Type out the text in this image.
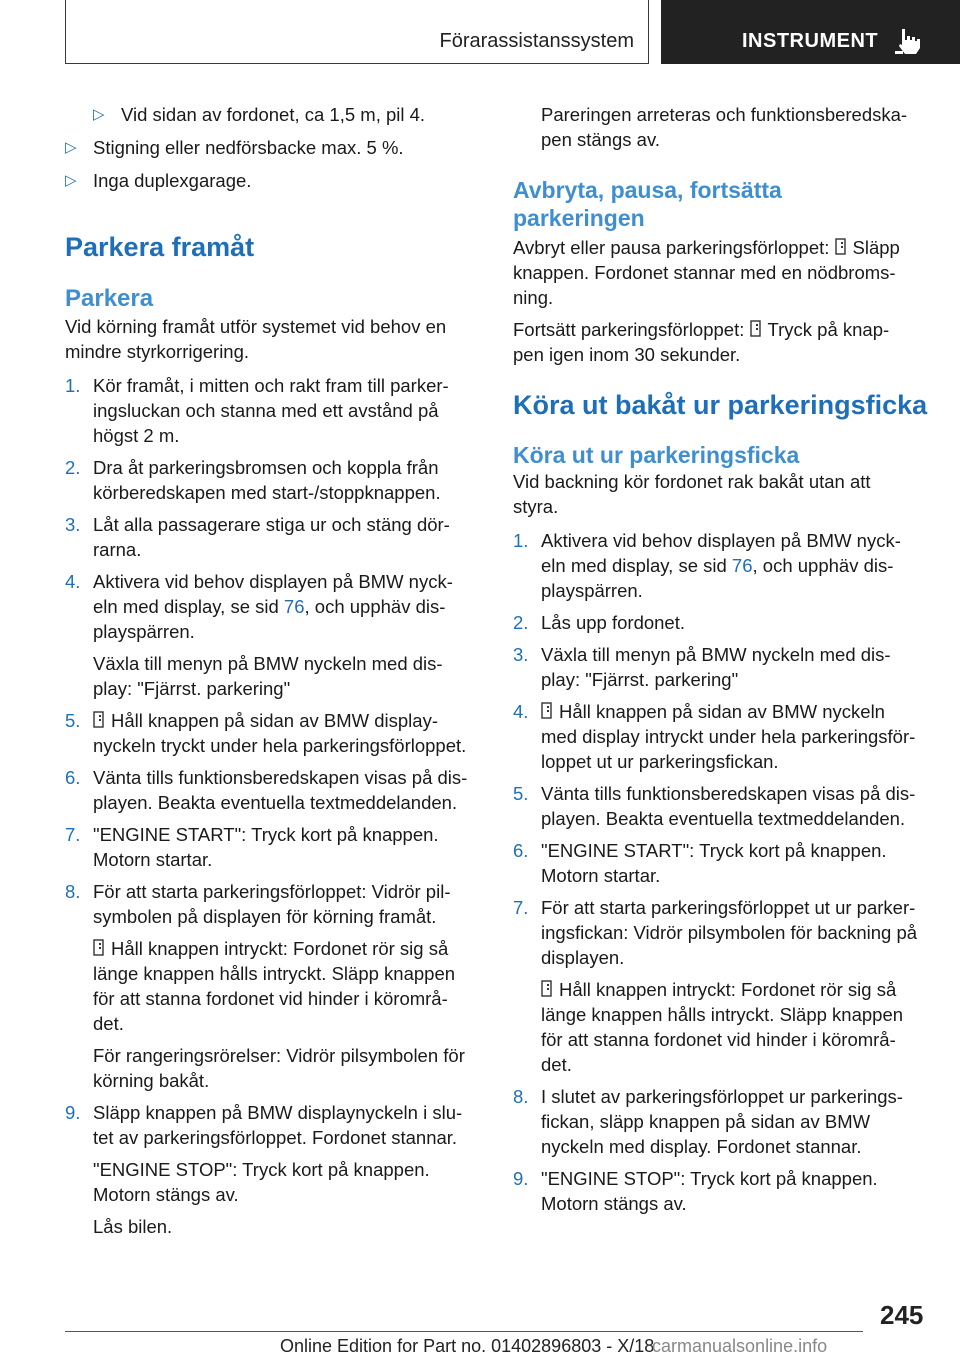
Förarassistanssystem	INSTRUMENT
▷ Vid sidan av fordonet, ca 1,5 m, pil 4.
▷ Stigning eller nedförsbacke max. 5 %.
▷ Inga duplexgarage.
Parkera framåt
Parkera

Vid körning framåt utför systemet vid behov en
mindre styrkorrigering.

1. Kör framåt, i mitten och rakt fram till parker-
ingsluckan och stanna med ett avstånd på
högst 2 m.
2. Dra åt parkeringsbromsen och koppla från
körberedskapen med start-/stoppknappen.
3. Låt alla passagerare stiga ur och stäng dör-
rarna.
4. Aktivera vid behov displayen på BMW nyck-
eln med display, se sid 76, och upphäv dis-
playspärren.
Växla till menyn på BMW nyckeln med dis-
play: "Fjärrst. parkering"
5. Håll knappen på sidan av BMW display-
nyckeln tryckt under hela parkeringsförloppet.
6. Vänta tills funktionsberedskapen visas på dis-
playen. Beakta eventuella textmeddelanden.
7. "ENGINE START": Tryck kort på knappen.
Motorn startar.
8. För att starta parkeringsförloppet: Vidrör pil-
symbolen på displayen för körning framåt.
Håll knappen intryckt: Fordonet rör sig så
länge knappen hålls intryckt. Släpp knappen
för att stanna fordonet vid hinder i körområ-
det.
För rangeringsrörelser: Vidrör pilsymbolen för
körning bakåt.
9. Släpp knappen på BMW displaynyckeln i slu-
tet av parkeringsförloppet. Fordonet stannar.
"ENGINE STOP": Tryck kort på knappen.
Motorn stängs av.
Lås bilen.

Pareringen arreteras och funktionsberedska-
pen stängs av.

Avbryta, pausa, fortsätta
parkeringen

Avbryt eller pausa parkeringsförloppet: Släpp
knappen. Fordonet stannar med en nödbroms-
ning.

Fortsätt parkeringsförloppet: Tryck på knap-
pen igen inom 30 sekunder.

Köra ut bakåt ur parkeringsficka
Köra ut ur parkeringsficka

Vid backning kör fordonet rak bakåt utan att
styra.

1. Aktivera vid behov displayen på BMW nyck-
eln med display, se sid 76, och upphäv dis-
playspärren.
2. Lås upp fordonet.
3. Växla till menyn på BMW nyckeln med dis-
play: "Fjärrst. parkering"
4. Håll knappen på sidan av BMW nyckeln
med display intryckt under hela parkeringsför-
loppet ut ur parkeringsfickan.
5. Vänta tills funktionsberedskapen visas på dis-
playen. Beakta eventuella textmeddelanden.
6. "ENGINE START": Tryck kort på knappen.
Motorn startar.
7. För att starta parkeringsförloppet ut ur parker-
ingsfickan: Vidrör pilsymbolen för backning på
displayen.
Håll knappen intryckt: Fordonet rör sig så
länge knappen hålls intryckt. Släpp knappen
för att stanna fordonet vid hinder i körområ-
det.
8. I slutet av parkeringsförloppet ur parkerings-
fickan, släpp knappen på sidan av BMW
nyckeln med display. Fordonet stannar.
9. "ENGINE STOP": Tryck kort på knappen.
Motorn stängs av.
245
Online Edition for Part no. 01402896803 - X/18
carmanualsonline.info
